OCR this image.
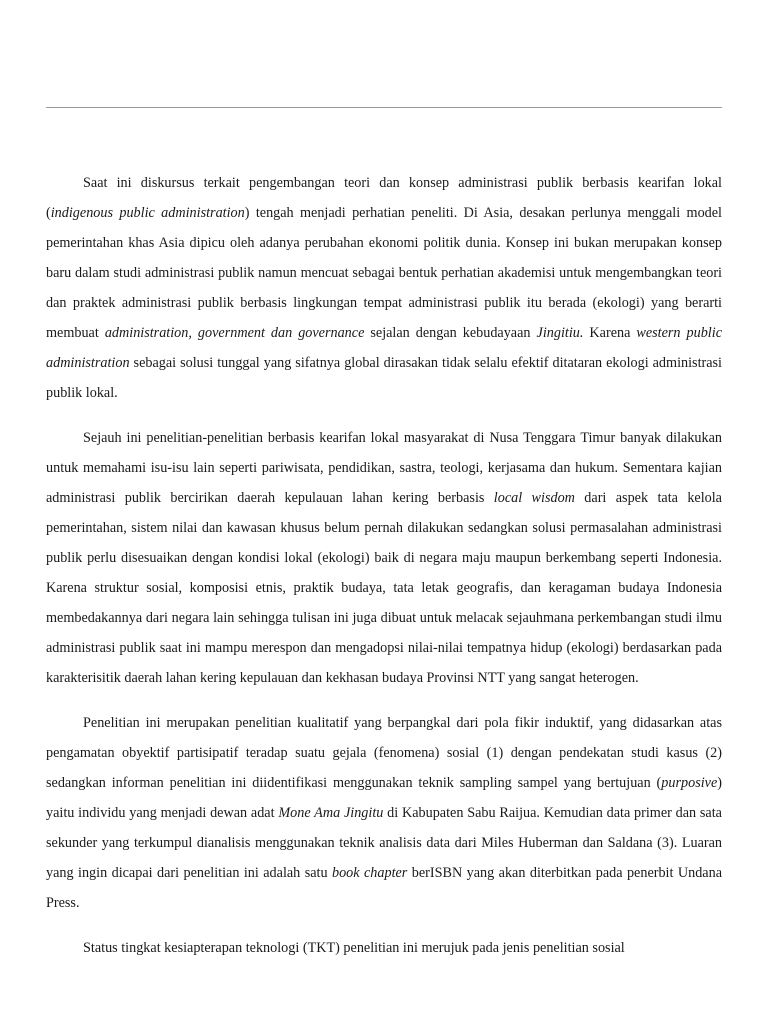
Saat ini diskursus terkait pengembangan teori dan konsep administrasi publik berbasis kearifan lokal (indigenous public administration) tengah menjadi perhatian peneliti. Di Asia, desakan perlunya menggali model pemerintahan khas Asia dipicu oleh adanya perubahan ekonomi politik dunia. Konsep ini bukan merupakan konsep baru dalam studi administrasi publik namun mencuat sebagai bentuk perhatian akademisi untuk mengembangkan teori dan praktek administrasi publik berbasis lingkungan tempat administrasi publik itu berada (ekologi) yang berarti membuat administration, government dan governance sejalan dengan kebudayaan Jingitiu. Karena western public administration sebagai solusi tunggal yang sifatnya global dirasakan tidak selalu efektif ditataran ekologi administrasi publik lokal.

Sejauh ini penelitian-penelitian berbasis kearifan lokal masyarakat di Nusa Tenggara Timur banyak dilakukan untuk memahami isu-isu lain seperti pariwisata, pendidikan, sastra, teologi, kerjasama dan hukum. Sementara kajian administrasi publik bercirikan daerah kepulauan lahan kering berbasis local wisdom dari aspek tata kelola pemerintahan, sistem nilai dan kawasan khusus belum pernah dilakukan sedangkan solusi permasalahan administrasi publik perlu disesuaikan dengan kondisi lokal (ekologi) baik di negara maju maupun berkembang seperti Indonesia. Karena struktur sosial, komposisi etnis, praktik budaya, tata letak geografis, dan keragaman budaya Indonesia membedakannya dari negara lain sehingga tulisan ini juga dibuat untuk melacak sejauhmana perkembangan studi ilmu administrasi publik saat ini mampu merespon dan mengadopsi nilai-nilai tempatnya hidup (ekologi) berdasarkan pada karakterisitik daerah lahan kering kepulauan dan kekhasan budaya Provinsi NTT yang sangat heterogen.

Penelitian ini merupakan penelitian kualitatif yang berpangkal dari pola fikir induktif, yang didasarkan atas pengamatan obyektif partisipatif teradap suatu gejala (fenomena) sosial (1) dengan pendekatan studi kasus (2) sedangkan informan penelitian ini diidentifikasi menggunakan teknik sampling sampel yang bertujuan (purposive) yaitu individu yang menjadi dewan adat Mone Ama Jingitu di Kabupaten Sabu Raijua. Kemudian data primer dan sata sekunder yang terkumpul dianalisis menggunakan teknik analisis data dari Miles Huberman dan Saldana (3). Luaran yang ingin dicapai dari penelitian ini adalah satu book chapter berISBN yang akan diterbitkan pada penerbit Undana Press.

Status tingkat kesiapterapan teknologi (TKT) penelitian ini merujuk pada jenis penelitian sosial
